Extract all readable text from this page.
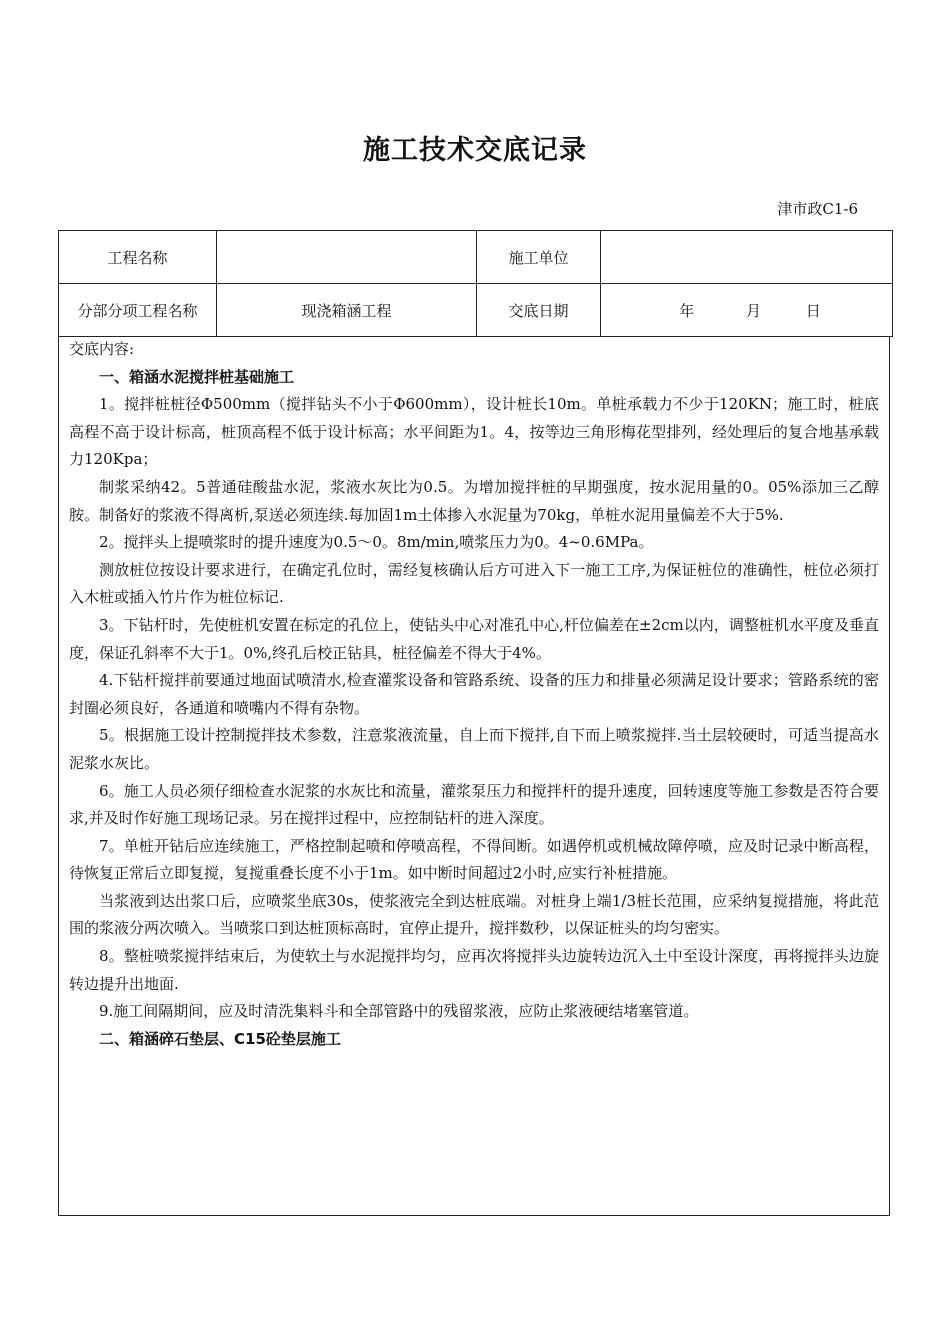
施工技术交底记录
津市政C1-6
工程名称		施工单位	
分部分项工程名称	现浇箱涵工程	交底日期	年 月 日

交底内容:

一、箱涵水泥搅拌桩基础施工

1。搅拌桩桩径Φ500mm（搅拌钻头不小于Φ600mm），设计桩长10m。单桩承载力不少于120KN；施工时，桩底高程不高于设计标高，桩顶高程不低于设计标高；水平间距为1。4，按等边三角形梅花型排列，经处理后的复合地基承载力120Kpa；

制浆采纳42。5普通硅酸盐水泥，浆液水灰比为0.5。为增加搅拌桩的早期强度，按水泥用量的0。05%添加三乙醇胺。制备好的浆液不得离析,泵送必须连续.每加固1m土体掺入水泥量为70kg，单桩水泥用量偏差不大于5%.

2。搅拌头上提喷浆时的提升速度为0.5～0。8m/min,喷浆压力为0。4~0.6MPa。

测放桩位按设计要求进行，在确定孔位时，需经复核确认后方可进入下一施工工序,为保证桩位的准确性，桩位必须打入木桩或插入竹片作为桩位标记.

3。下钻杆时，先使桩机安置在标定的孔位上，使钻头中心对准孔中心,杆位偏差在±2cm以内，调整桩机水平度及垂直度，保证孔斜率不大于1。0%,终孔后校正钻具，桩径偏差不得大于4%。

4.下钻杆搅拌前要通过地面试喷清水,检查灌浆设备和管路系统、设备的压力和排量必须满足设计要求；管路系统的密封圈必须良好，各通道和喷嘴内不得有杂物。

5。根据施工设计控制搅拌技术参数，注意浆液流量，自上而下搅拌,自下而上喷浆搅拌.当土层较硬时，可适当提高水泥浆水灰比。

6。施工人员必须仔细检查水泥浆的水灰比和流量，灌浆泵压力和搅拌杆的提升速度，回转速度等施工参数是否符合要求,并及时作好施工现场记录。另在搅拌过程中，应控制钻杆的进入深度。

7。单桩开钻后应连续施工，严格控制起喷和停喷高程，不得间断。如遇停机或机械故障停喷，应及时记录中断高程，待恢复正常后立即复搅，复搅重叠长度不小于1m。如中断时间超过2小时,应实行补桩措施。

当浆液到达出浆口后，应喷浆坐底30s，使浆液完全到达桩底端。对桩身上端1/3桩长范围，应采纳复搅措施，将此范围的浆液分两次喷入。当喷浆口到达桩顶标高时，宜停止提升，搅拌数秒，以保证桩头的均匀密实。

8。整桩喷浆搅拌结束后，为使软土与水泥搅拌均匀，应再次将搅拌头边旋转边沉入土中至设计深度，再将搅拌头边旋转边提升出地面.

9.施工间隔期间，应及时清洗集料斗和全部管路中的残留浆液，应防止浆液硬结堵塞管道。

二、箱涵碎石垫层、C15砼垫层施工
